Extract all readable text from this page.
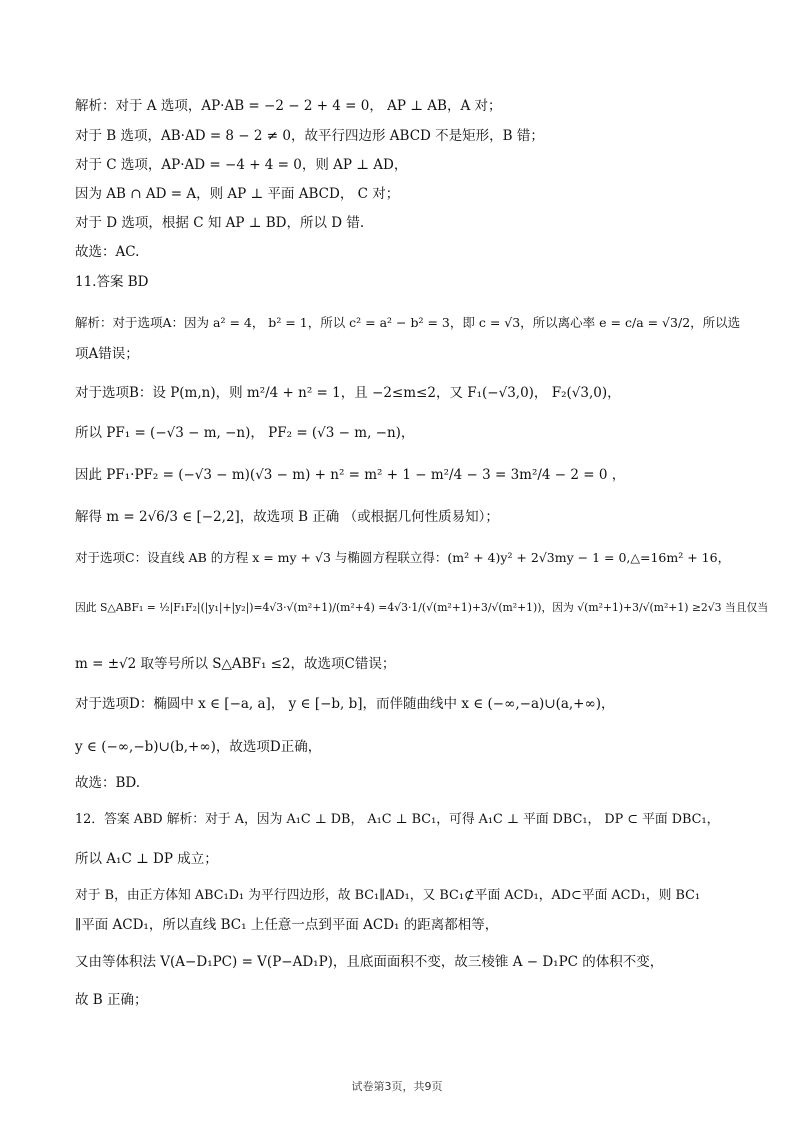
解析：对于 A 选项，AP·AB = −2 − 2 + 4 = 0， AP ⊥ AB，A 对；
对于 B 选项，AB·AD = 8 − 2 ≠ 0，故平行四边形 ABCD 不是矩形，B 错；
对于 C 选项，AP·AD = −4 + 4 = 0，则 AP ⊥ AD，
因为 AB ∩ AD = A，则 AP ⊥ 平面 ABCD， C 对；
对于 D 选项，根据 C 知 AP ⊥ BD，所以 D 错.
故选：AC.
11.答案 BD
解析：对于选项A：因为 a² = 4， b² = 1，所以 c² = a² − b² = 3，即 c = √3，所以离心率 e = c/a = √3/2，所以选
项A错误；
对于选项B：设 P(m,n)，则 m²/4 + n² = 1，且 −2≤m≤2，又 F₁(−√3,0)， F₂(√3,0)，
所以 PF₁ = (−√3 − m, −n)， PF₂ = (√3 − m, −n)，
因此 PF₁·PF₂ = (−√3 − m)(√3 − m) + n² = m² + 1 − m²/4 − 3 = 3m²/4 − 2 = 0 ，
解得 m = 2√6/3 ∈ [−2,2]，故选项 B 正确 （或根据几何性质易知）；
对于选项C：设直线 AB 的方程 x = my + √3 与椭圆方程联立得：(m² + 4)y² + 2√3my − 1 = 0,△=16m² + 16，
因此 S△ABF₁ = ½|F₁F₂|(|y₁|+|y₂|)=4√3·√(m²+1)/(m²+4) =4√3·1/(√(m²+1)+3/√(m²+1))，因为 √(m²+1)+3/√(m²+1) ≥2√3 当且仅当
m = ±√2 取等号所以 S△ABF₁ ≤2，故选项C错误；
对于选项D：椭圆中 x ∈ [−a, a]， y ∈ [−b, b]，而伴随曲线中 x ∈ (−∞,−a)∪(a,+∞)，
y ∈ (−∞,−b)∪(b,+∞)，故选项D正确，
故选：BD.
12．答案 ABD 解析：对于 A，因为 A₁C ⊥ DB， A₁C ⊥ BC₁，可得 A₁C ⊥ 平面 DBC₁， DP ⊂ 平面 DBC₁，
所以 A₁C ⊥ DP 成立；
对于 B，由正方体知 ABC₁D₁ 为平行四边形，故 BC₁∥AD₁，又 BC₁⊄平面 ACD₁，AD⊂平面 ACD₁，则 BC₁
∥平面 ACD₁，所以直线 BC₁ 上任意一点到平面 ACD₁ 的距离都相等，
又由等体积法 V(A−D₁PC) = V(P−AD₁P)，且底面面积不变，故三棱锥 A − D₁PC 的体积不变，
故 B 正确；
试卷第3页，共9页
